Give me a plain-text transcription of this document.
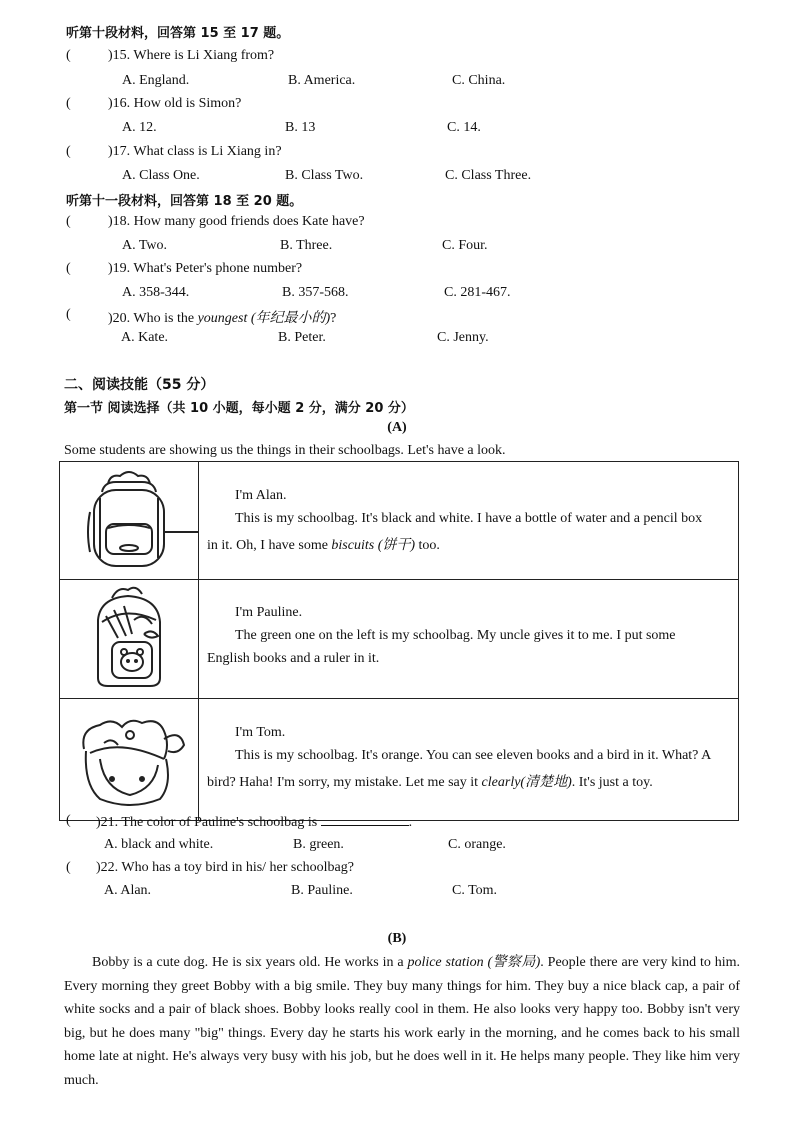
听第十段材料，回答第 15 至 17 题。
(	)15. Where is Li Xiang from?
A. England.	B. America.	C. China.
(	)16. How old is Simon?
A. 12.	B. 13	C. 14.
(	)17. What class is Li Xiang in?
A. Class One.	B. Class Two.	C. Class Three.
听第十一段材料，回答第 18 至 20 题。
(	)18. How many good friends does Kate have?
A. Two.	B. Three.	C. Four.
(	)19. What's Peter's phone number?
A. 358-344.	B. 357-568.	C. 281-467.
(	)20. Who is the youngest (年纪最小的)?
A. Kate.	B. Peter.	C. Jenny.
二、阅读技能（55 分）
第一节 阅读选择（共 10 小题，每小题 2 分，满分 20 分）
(A)
Some students are showing us the things in their schoolbags. Let's have a look.

I'm Alan.
This is my schoolbag. It's black and white. I have a bottle of water and a pencil box
in it. Oh, I have some biscuits (饼干) too.

I'm Pauline.
The green one on the left is my schoolbag. My uncle gives it to me. I put some
English books and a ruler in it.

I'm Tom.
This is my schoolbag. It's orange. You can see eleven books and a bird in it. What? A
bird? Haha! I'm sorry, my mistake. Let me say it clearly(清楚地). It's just a toy.
( )21. The color of Pauline's schoolbag is	.
A. black and white.	B. green.	C. orange.
( )22. Who has a toy bird in his/ her schoolbag?
A. Alan.	B. Pauline.	C. Tom.
(B)
Bobby is a cute dog. He is six years old. He works in a police station (警察局). People there are very kind to him. Every morning they greet Bobby with a big smile. They buy many things for him. They buy a nice black cap, a pair of white socks and a pair of black shoes. Bobby looks really cool in them. He also looks very happy too. Bobby isn't very big, but he does many "big" things. Every day he starts his work early in the morning, and he comes back to his small home late at night. He's always very busy with his job, but he does well in it. He helps many people. They like him very much.
